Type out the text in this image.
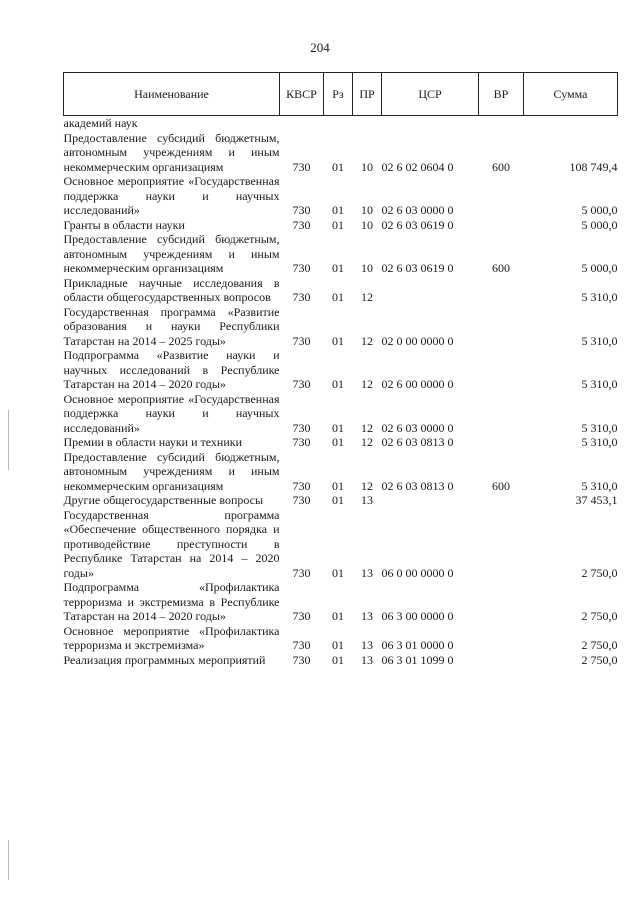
204
Наименование	КВСР	Рз	ПР	ЦСР	ВР	Сумма
академий наук						
Предоставление субсидий бюджетным, автономным учреждениям и иным некоммерческим организациям	730	01	10	02 6 02 0604 0	600	108 749,4
Основное мероприятие «Государственная поддержка науки и научных исследований»	730	01	10	02 6 03 0000 0		5 000,0
Гранты в области науки	730	01	10	02 6 03 0619 0		5 000,0
Предоставление субсидий бюджетным, автономным учреждениям и иным некоммерческим организациям	730	01	10	02 6 03 0619 0	600	5 000,0
Прикладные научные исследования в области общегосударственных вопросов	730	01	12			5 310,0
Государственная программа «Развитие образования и науки Республики Татарстан на 2014 – 2025 годы»	730	01	12	02 0 00 0000 0		5 310,0
Подпрограмма «Развитие науки и научных исследований в Республике Татарстан на 2014 – 2020 годы»	730	01	12	02 6 00 0000 0		5 310,0
Основное мероприятие «Государственная поддержка науки и научных исследований»	730	01	12	02 6 03 0000 0		5 310,0
Премии в области науки и техники	730	01	12	02 6 03 0813 0		5 310,0
Предоставление субсидий бюджетным, автономным учреждениям и иным некоммерческим организациям	730	01	12	02 6 03 0813 0	600	5 310,0
Другие общегосударственные вопросы	730	01	13			37 453,1
Государственная программа «Обеспечение общественного порядка и противодействие преступности в Республике Татарстан на 2014 – 2020 годы»	730	01	13	06 0 00 0000 0		2 750,0
Подпрограмма «Профилактика терроризма и экстремизма в Республике Татарстан на 2014 – 2020 годы»	730	01	13	06 3 00 0000 0		2 750,0
Основное мероприятие «Профилактика терроризма и экстремизма»	730	01	13	06 3 01 0000 0		2 750,0
Реализация программных мероприятий	730	01	13	06 3 01 1099 0		2 750,0
